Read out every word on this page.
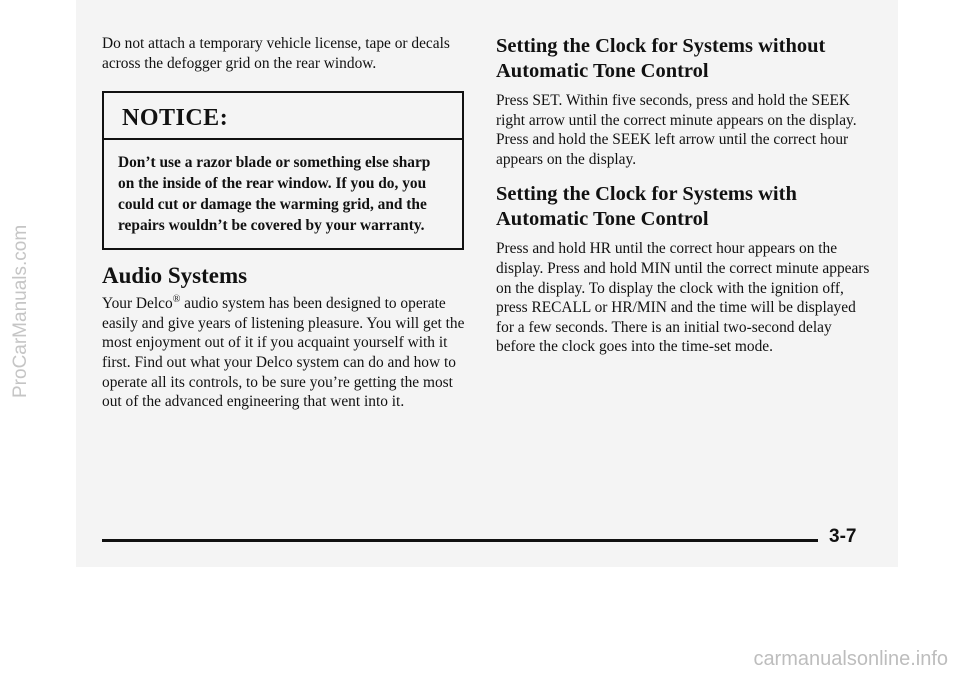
Do not attach a temporary vehicle license, tape or decals across the defogger grid on the rear window.

NOTICE:
Don’t use a razor blade or something else sharp on the inside of the rear window. If you do, you could cut or damage the warming grid, and the repairs wouldn’t be covered by your warranty.
Audio Systems

Your Delco® audio system has been designed to operate easily and give years of listening pleasure. You will get the most enjoyment out of it if you acquaint yourself with it first. Find out what your Delco system can do and how to operate all its controls, to be sure you’re getting the most out of the advanced engineering that went into it.

Setting the Clock for Systems without Automatic Tone Control

Press SET. Within five seconds, press and hold the SEEK right arrow until the correct minute appears on the display. Press and hold the SEEK left arrow until the correct hour appears on the display.

Setting the Clock for Systems with Automatic Tone Control

Press and hold HR until the correct hour appears on the display. Press and hold MIN until the correct minute appears on the display. To display the clock with the ignition off, press RECALL or HR/MIN and the time will be displayed for a few seconds. There is an initial two-second delay before the clock goes into the time-set mode.

3-7
ProCarManuals.com
carmanualsonline.info
